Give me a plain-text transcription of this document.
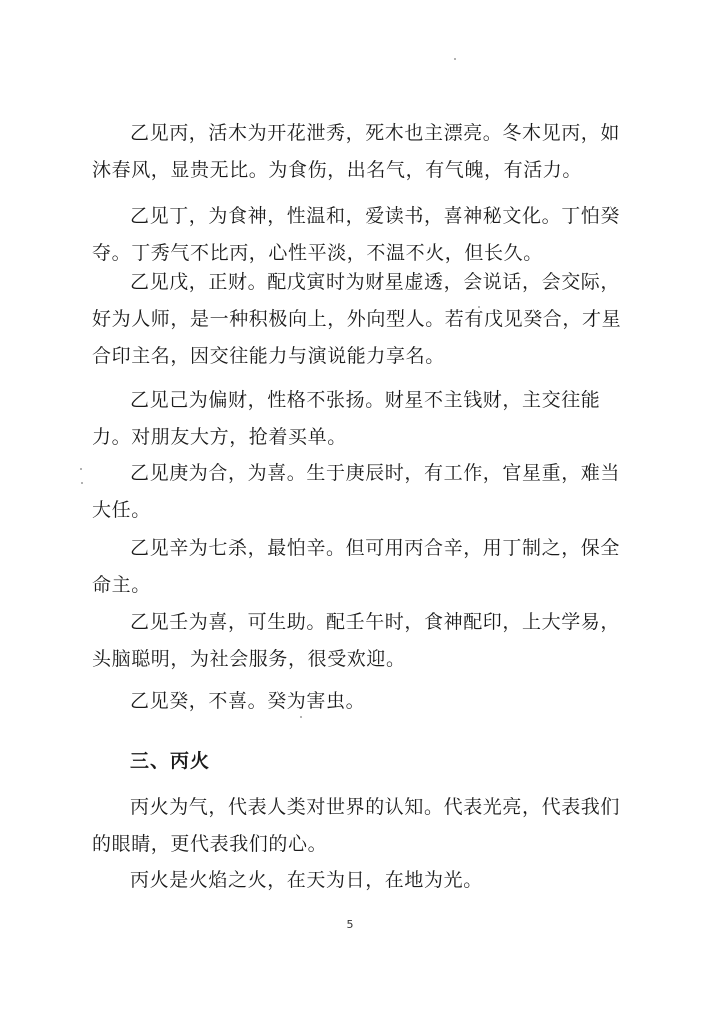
乙见丙，活木为开花泄秀，死木也主漂亮。冬木见丙，如沐春风，显贵无比。为食伤，出名气，有气魄，有活力。

乙见丁，为食神，性温和，爱读书，喜神秘文化。丁怕癸夺。丁秀气不比丙，心性平淡，不温不火，但长久。

乙见戊，正财。配戊寅时为财星虚透，会说话，会交际，好为人师，是一种积极向上，外向型人。若有戊见癸合，才星合印主名，因交往能力与演说能力享名。

乙见己为偏财，性格不张扬。财星不主钱财，主交往能力。对朋友大方，抢着买单。

乙见庚为合，为喜。生于庚辰时，有工作，官星重，难当大任。

乙见辛为七杀，最怕辛。但可用丙合辛，用丁制之，保全命主。

乙见壬为喜，可生助。配壬午时，食神配印，上大学易，头脑聪明，为社会服务，很受欢迎。

乙见癸，不喜。癸为害虫。

三、丙火

丙火为气，代表人类对世界的认知。代表光亮，代表我们的眼睛，更代表我们的心。

丙火是火焰之火，在天为日，在地为光。

5
